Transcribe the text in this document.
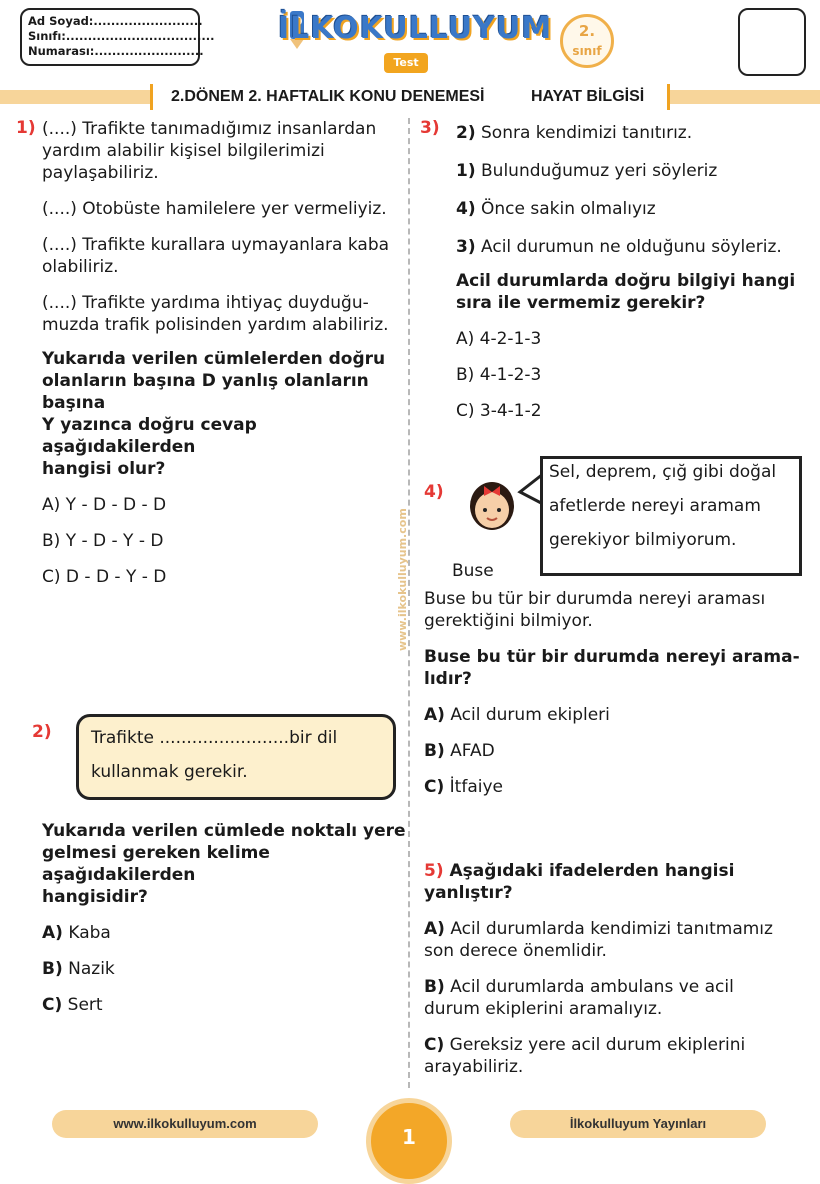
Ad Soyad:.........................
Sınıfı:..................................
Numarası:.........................
İLKOKULLUYUM
Test
2.
sınıf
2.DÖNEM 2. HAFTALIK KONU DENEMESİ	HAYAT BİLGİSİ
www.ilkokulluyum.com
1) (....) Trafikte tanımadığımız insanlardan
yardım alabilir kişisel bilgilerimizi
paylaşabiliriz.
(....) Otobüste hamilelere yer vermeliyiz.
(....) Trafikte kurallara uymayanlara kaba
olabiliriz.
(....) Trafikte yardıma ihtiyaç duyduğu-
muzda trafik polisinden yardım alabiliriz.
Yukarıda verilen cümlelerden doğru
olanların başına D yanlış olanların başına
Y yazınca doğru cevap aşağıdakilerden
hangisi olur?
A) Y - D - D - D
B) Y - D - Y - D
C) D - D - Y - D
2) Trafikte ........................bir dil
kullanmak gerekir.
Yukarıda verilen cümlede noktalı yere
gelmesi gereken kelime aşağıdakilerden
hangisidir?
A) Kaba
B) Nazik
C) Sert
3) 2) Sonra kendimizi tanıtırız.
1) Bulunduğumuz yeri söyleriz
4) Önce sakin olmalıyız
3) Acil durumun ne olduğunu söyleriz.
Acil durumlarda doğru bilgiyi hangi
sıra ile vermemiz gerekir?
A) 4-2-1-3
B) 4-1-2-3
C) 3-4-1-2
4)
Sel, deprem, çığ gibi doğal
afetlerde nereyi aramam
gerekiyor bilmiyorum.
Buse
Buse bu tür bir durumda nereyi araması
gerektiğini bilmiyor.
Buse bu tür bir durumda nereyi arama-
lıdır?
A) Acil durum ekipleri
B) AFAD
C) İtfaiye
5) Aşağıdaki ifadelerden hangisi yanlıştır?
A) Acil durumlarda kendimizi tanıtmamız
son derece önemlidir.
B) Acil durumlarda ambulans ve acil
durum ekiplerini aramalıyız.
C) Gereksiz yere acil durum ekiplerini
arayabiliriz.
www.ilkokulluyum.com	İlkokulluyum Yayınları
1
